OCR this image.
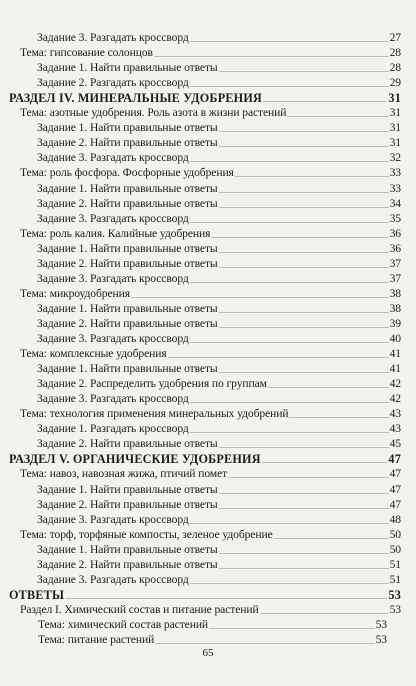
Задание 3. Разгадать кроссворд	27
Тема: гипсование солонцов	28
Задание 1. Найти правильные ответы	28
Задание 2. Разгадать кроссворд	29
РАЗДЕЛ IV. МИНЕРАЛЬНЫЕ УДОБРЕНИЯ	31
Тема: азотные удобрения. Роль азота в жизни растений	31
Задание 1. Найти правильные ответы	31
Задание 2. Найти правильные ответы	31
Задание 3. Разгадать кроссворд	32
Тема: роль фосфора. Фосфорные удобрения	33
Задание 1. Найти правильные ответы	33
Задание 2. Найти правильные ответы	34
Задание 3. Разгадать кроссворд	35
Тема: роль калия. Калийные удобрения	36
Задание 1. Найти правильные ответы	36
Задание 2. Найти правильные ответы	37
Задание 3. Разгадать кроссворд	37
Тема: микроудобрения	38
Задание 1. Найти правильные ответы	38
Задание 2. Найти правильные ответы	39
Задание 3. Разгадать кроссворд	40
Тема: комплексные удобрения	41
Задание 1. Найти правильные ответы	41
Задание 2. Распределить удобрения по группам	42
Задание 3. Разгадать кроссворд	42
Тема: технология применения минеральных удобрений	43
Задание 1. Разгадать кроссворд	43
Задание 2. Найти правильные ответы	45
РАЗДЕЛ V. ОРГАНИЧЕСКИЕ УДОБРЕНИЯ	47
Тема: навоз, навозная жижа, птичий помет	47
Задание 1. Найти правильные ответы	47
Задание 2. Найти правильные ответы	47
Задание 3. Разгадать кроссворд	48
Тема: торф, торфяные компосты, зеленое удобрение	50
Задание 1. Найти правильные ответы	50
Задание 2. Найти правильные ответы	51
Задание 3. Разгадать кроссворд	51
ОТВЕТЫ	53
Раздел I. Химический состав и питание растений	53
Тема: химический состав растений	53
Тема: питание растений	53
65
